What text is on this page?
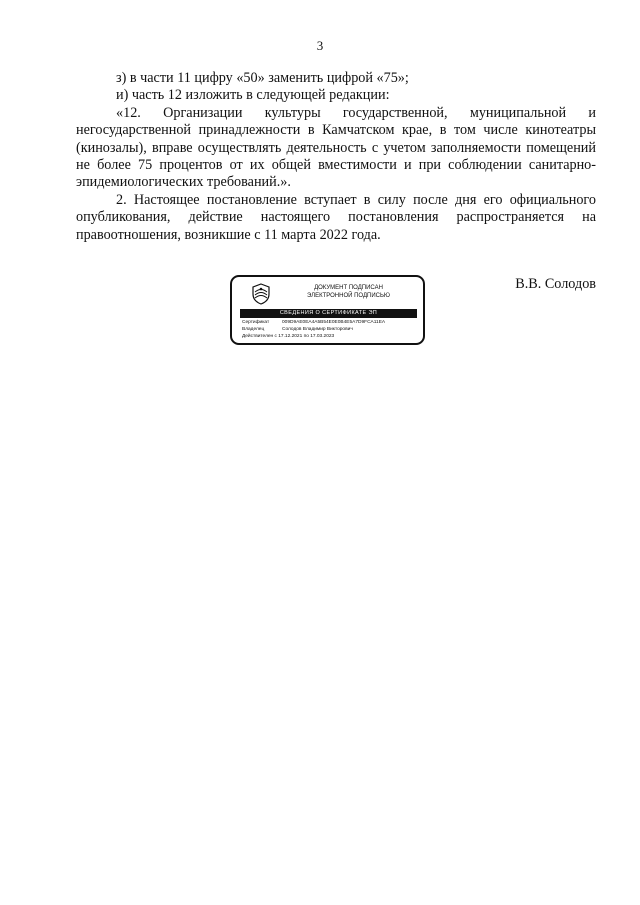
3

з) в части 11 цифру «50» заменить цифрой «75»;

и) часть 12 изложить в следующей редакции:

«12. Организации культуры государственной, муниципальной и негосударственной принадлежности в Камчатском крае, в том числе кинотеатры (кинозалы), вправе осуществлять деятельность с учетом заполняемости помещений не более 75 процентов от их общей вместимости и при соблюдении санитарно-эпидемиологических требований.».

2. Настоящее постановление вступает в силу после дня его официального опубликования, действие настоящего постановления распространяется на правоотношения, возникшие с 11 марта 2022 года.

ДОКУМЕНТ ПОДПИСАН
ЭЛЕКТРОННОЙ ПОДПИСЬЮ
СВЕДЕНИЯ О СЕРТИФИКАТЕ ЭП
Сертификат	009D9AE0EA4A5B54E0E0B4E5A7D9FCA11EA
Владелец	Солодов Владимир Викторович
Действителен с 17.12.2021 по 17.03.2023
В.В. Солодов
